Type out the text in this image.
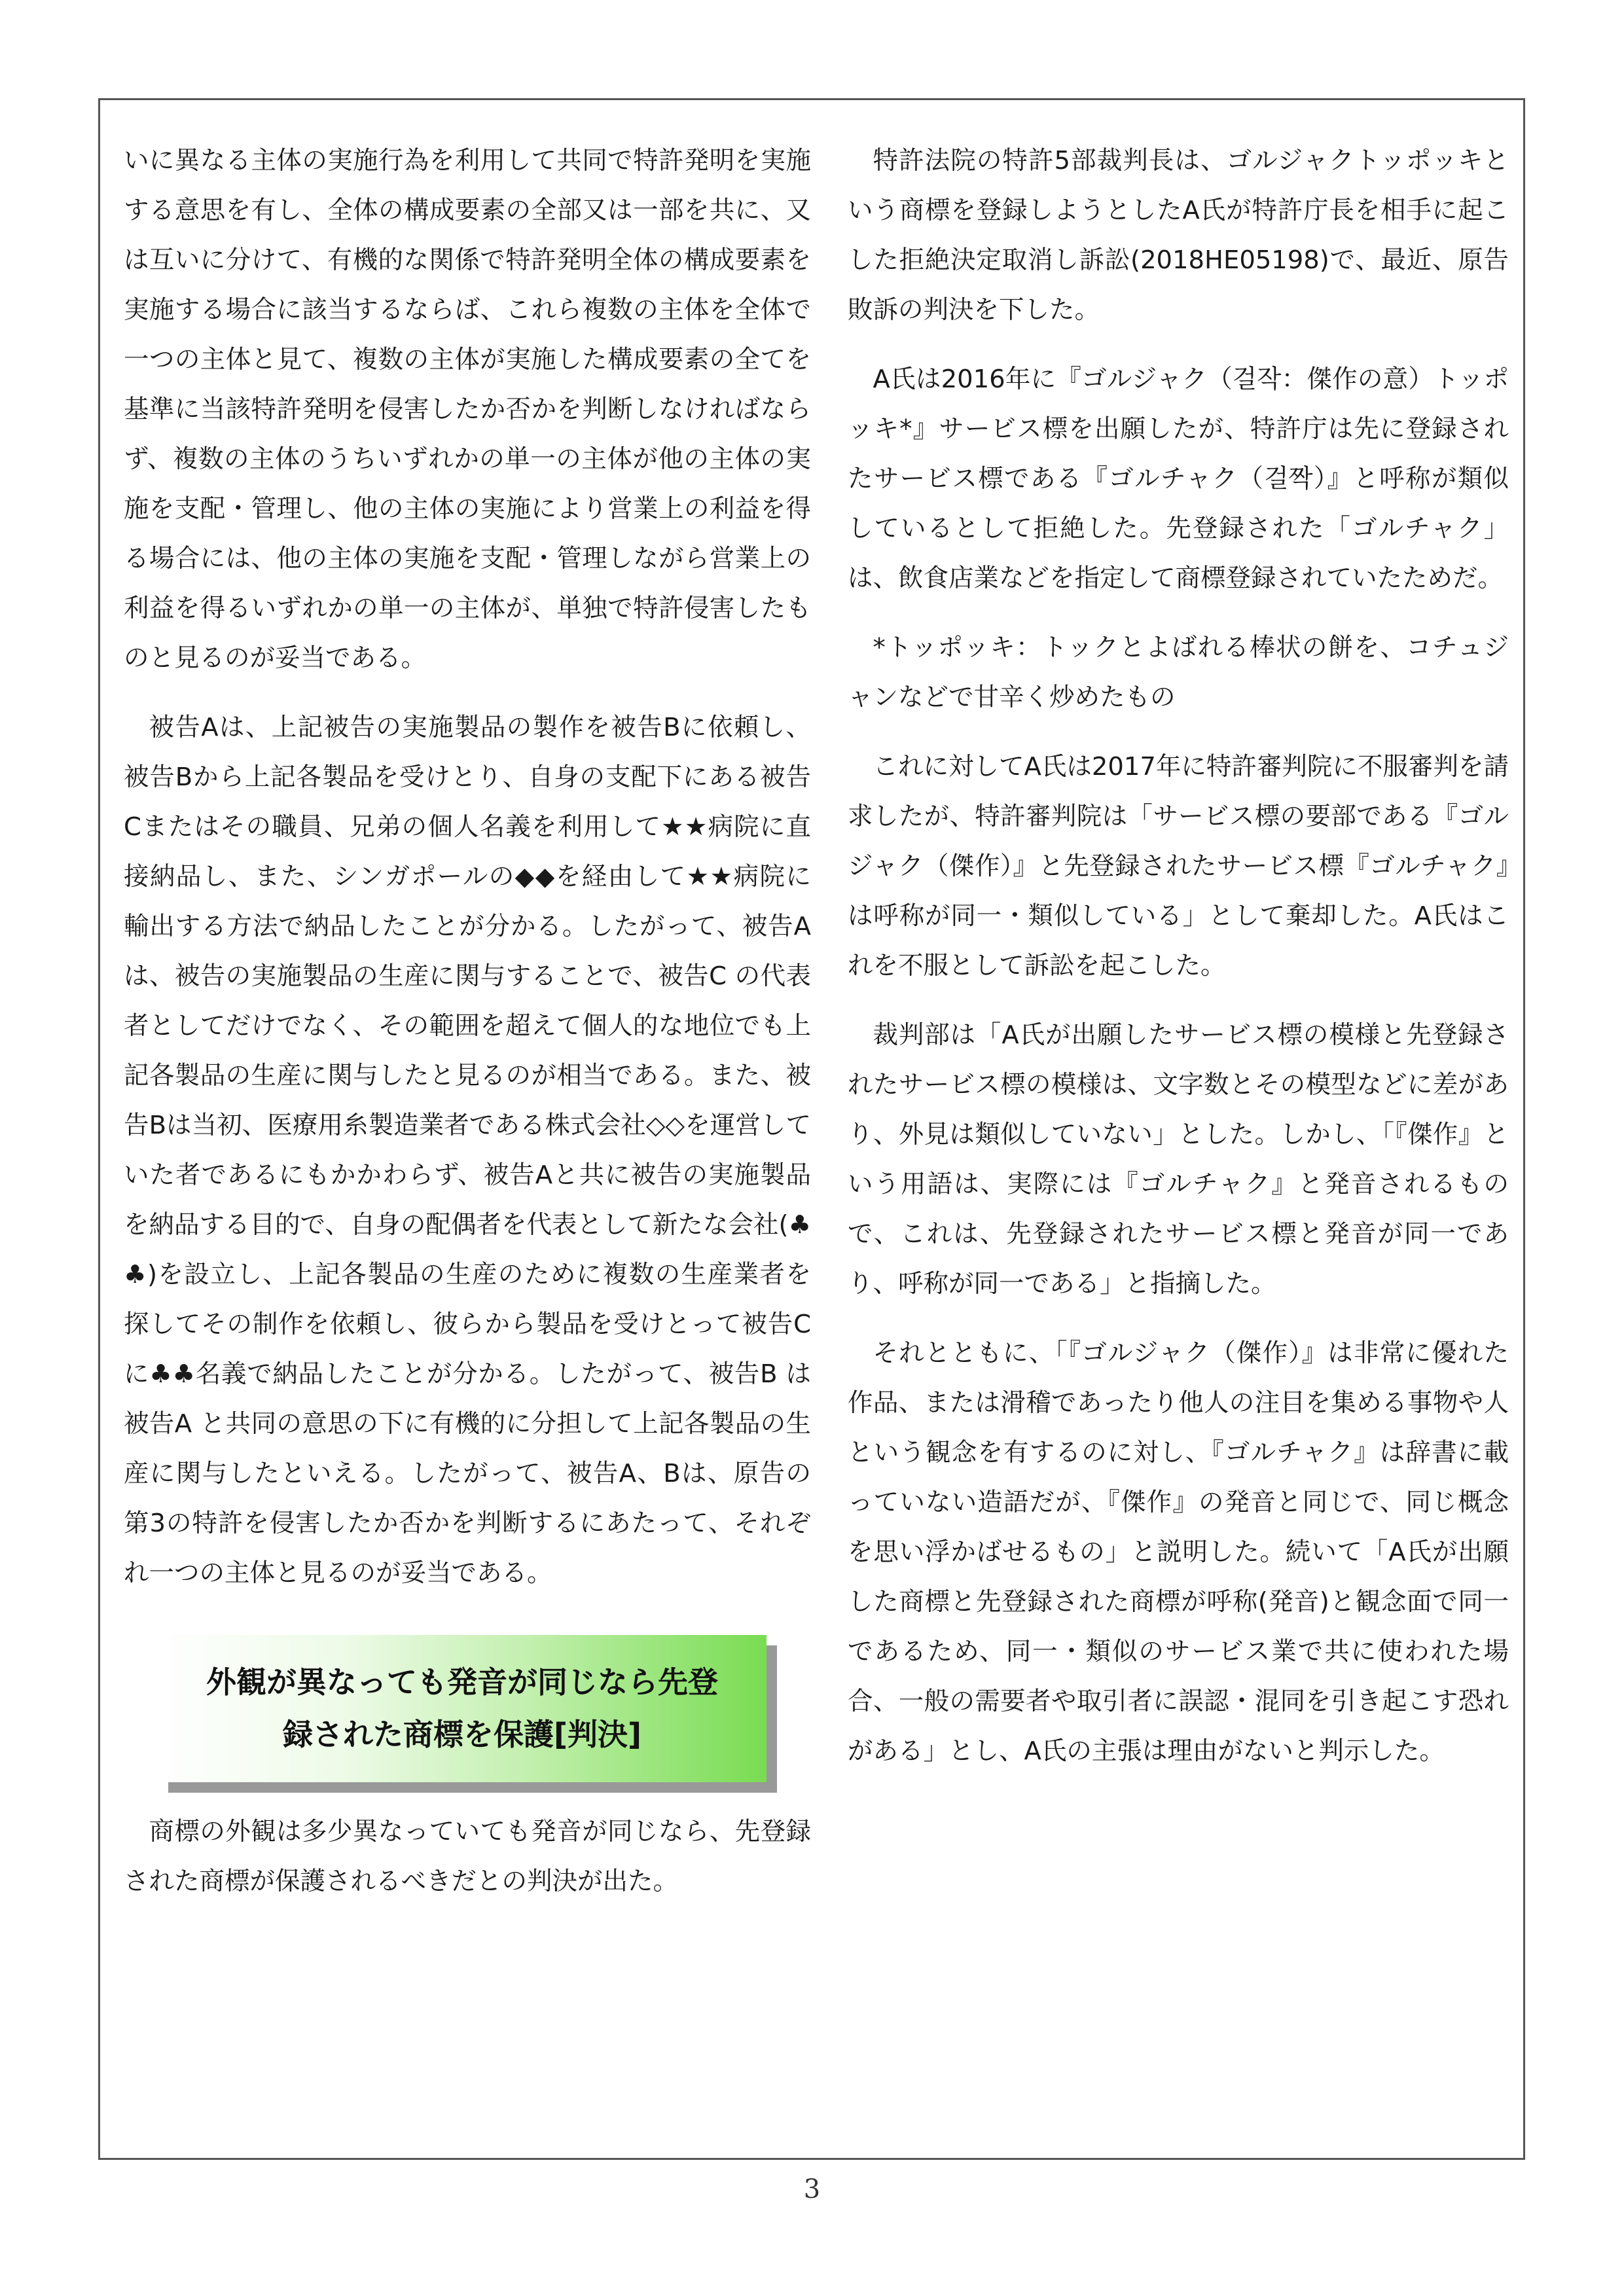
いに異なる主体の実施行為を利用して共同で特許発明を実施する意思を有し、全体の構成要素の全部又は一部を共に、又は互いに分けて、有機的な関係で特許発明全体の構成要素を実施する場合に該当するならば、これら複数の主体を全体で一つの主体と見て、複数の主体が実施した構成要素の全てを基準に当該特許発明を侵害したか否かを判断しなければならず、複数の主体のうちいずれかの単一の主体が他の主体の実施を支配・管理し、他の主体の実施により営業上の利益を得る場合には、他の主体の実施を支配・管理しながら営業上の利益を得るいずれかの単一の主体が、単独で特許侵害したものと見るのが妥当である。

被告Aは、上記被告の実施製品の製作を被告Bに依頼し、被告Bから上記各製品を受けとり、自身の支配下にある被告Cまたはその職員、兄弟の個人名義を利用して★★病院に直接納品し、また、シンガポールの◆◆を経由して★★病院に輸出する方法で納品したことが分かる。したがって、被告A は、被告の実施製品の生産に関与することで、被告C の代表者としてだけでなく、その範囲を超えて個人的な地位でも上記各製品の生産に関与したと見るのが相当である。また、被告Bは当初、医療用糸製造業者である株式会社◇◇を運営していた者であるにもかかわらず、被告Aと共に被告の実施製品を納品する目的で、自身の配偶者を代表として新たな会社(♣♣)を設立し、上記各製品の生産のために複数の生産業者を探してその制作を依頼し、彼らから製品を受けとって被告Cに♣♣名義で納品したことが分かる。したがって、被告B は被告A と共同の意思の下に有機的に分担して上記各製品の生産に関与したといえる。したがって、被告A、Bは、原告の第3の特許を侵害したか否かを判断するにあたって、それぞれ一つの主体と見るのが妥当である。

外観が異なっても発音が同じなら先登
録された商標を保護[判決]

商標の外観は多少異なっていても発音が同じなら、先登録された商標が保護されるべきだとの判決が出た。

特許法院の特許5部裁判長は、ゴルジャクトッポッキという商標を登録しようとしたA氏が特許庁長を相手に起こした拒絶決定取消し訴訟(2018HE05198)で、最近、原告敗訴の判決を下した。

A氏は2016年に『ゴルジャク（걸작：傑作の意）トッポッキ*』サービス標を出願したが、特許庁は先に登録されたサービス標である『ゴルチャク（걸짝）』と呼称が類似しているとして拒絶した。先登録された「ゴルチャク」は、飲食店業などを指定して商標登録されていたためだ。

*トッポッキ：トックとよばれる棒状の餅を、コチュジャンなどで甘辛く炒めたもの

これに対してA氏は2017年に特許審判院に不服審判を請求したが、特許審判院は「サービス標の要部である『ゴルジャク（傑作）』と先登録されたサービス標『ゴルチャク』は呼称が同一・類似している」として棄却した。A氏はこれを不服として訴訟を起こした。

裁判部は「A氏が出願したサービス標の模様と先登録されたサービス標の模様は、文字数とその模型などに差があり、外見は類似していない」とした。しかし、「『傑作』という用語は、実際には『ゴルチャク』と発音されるもので、これは、先登録されたサービス標と発音が同一であり、呼称が同一である」と指摘した。

それとともに、「『ゴルジャク（傑作）』は非常に優れた作品、または滑稽であったり他人の注目を集める事物や人という観念を有するのに対し、『ゴルチャク』は辞書に載っていない造語だが、『傑作』の発音と同じで、同じ概念を思い浮かばせるもの」と説明した。続いて「A氏が出願した商標と先登録された商標が呼称(発音)と観念面で同一であるため、同一・類似のサービス業で共に使われた場合、一般の需要者や取引者に誤認・混同を引き起こす恐れがある」とし、A氏の主張は理由がないと判示した。

3
